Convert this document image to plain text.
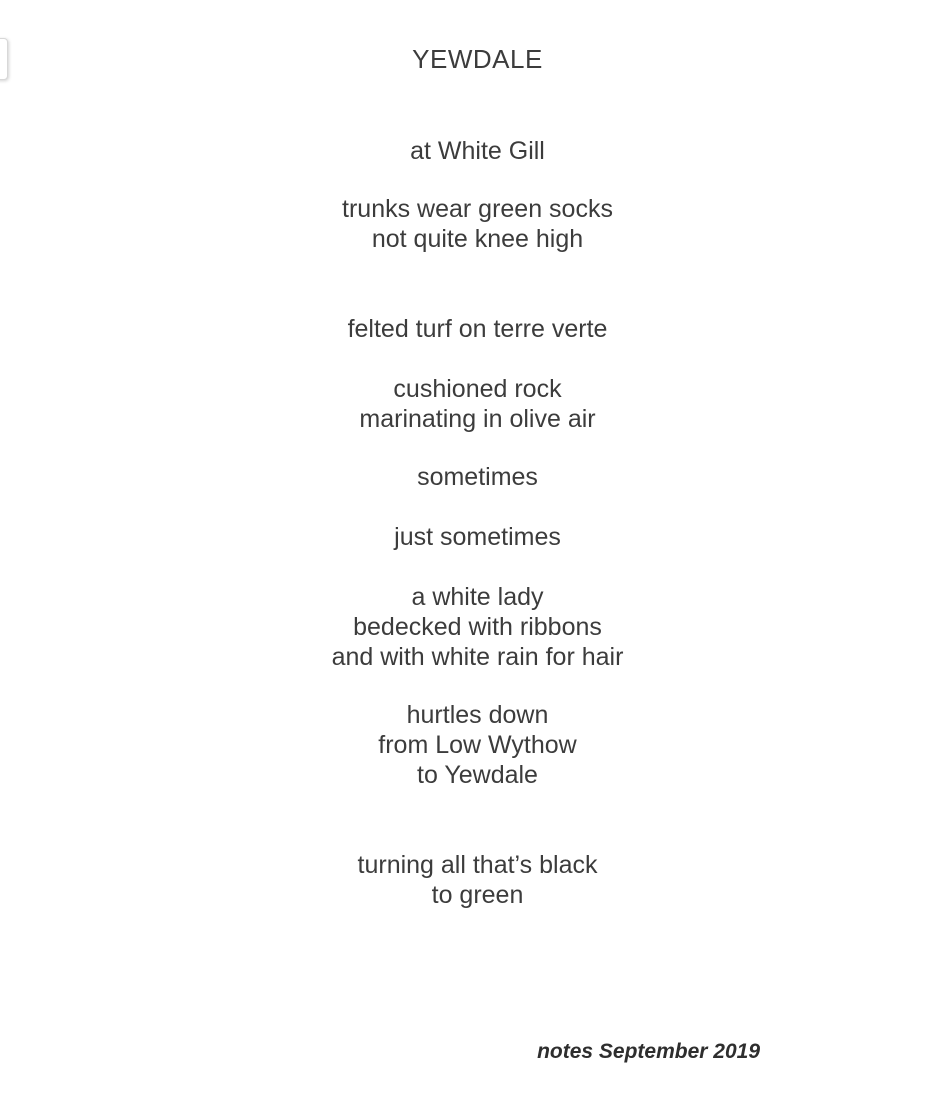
YEWDALE
at White Gill
trunks wear green socks
not quite knee high
felted turf on terre verte
cushioned rock
marinating in olive air
sometimes
just sometimes
a white lady
bedecked with ribbons
and with white rain for hair
hurtles down
from Low Wythow
to Yewdale
turning all that’s black
to green
notes September 2019
